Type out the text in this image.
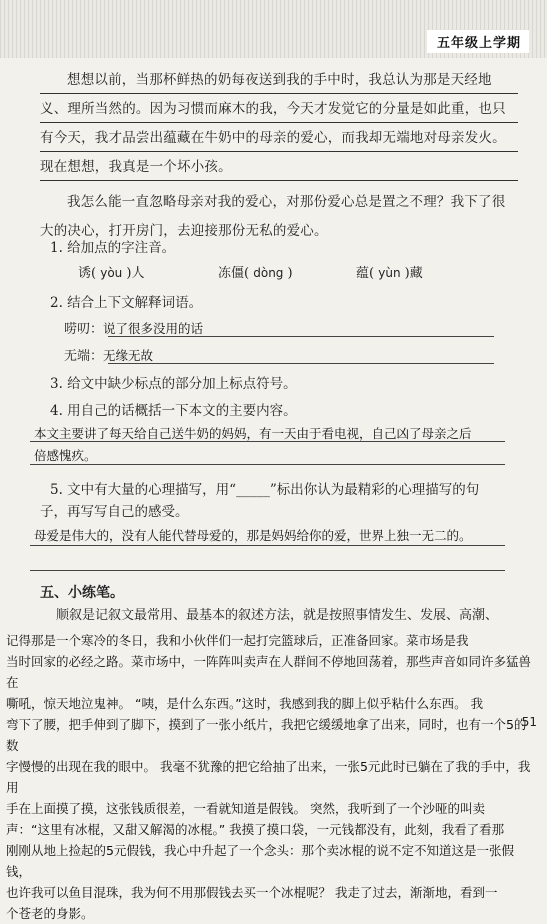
五年级上学期

想想以前，当那杯鲜热的奶每夜送到我的手中时，我总认为那是天经地义、理所当然的。因为习惯而麻木的我，今天才发觉它的分量是如此重，也只有今天，我才品尝出蕴藏在牛奶中的母亲的爱心，而我却无端地对母亲发火。现在想想，我真是一个坏小孩。

我怎么能一直忽略母亲对我的爱心，对那份爱心总是置之不理？我下了很大的决心，打开房门，去迎接那份无私的爱心。

1. 给加点的字注音。
诱( yòu )人	冻僵( dòng )	蕴( yùn )藏
2. 结合上下文解释词语。
唠叨：说了很多没用的话
无端：无缘无故
3. 给文中缺少标点的部分加上标点符号。
4. 用自己的话概括一下本文的主要内容。
本文主要讲了每天给自己送牛奶的妈妈，有一天由于看电视，自己凶了母亲之后
倍感愧疚。
5. 文中有大量的心理描写，用“_____”标出你认为最精彩的心理描写的句
子，再写写自己的感受。
母爱是伟大的，没有人能代替母爱的，那是妈妈给你的爱，世界上独一无二的。
五、小练笔。
顺叙是记叙文最常用、最基本的叙述方法，就是按照事情发生、发展、高潮、
记得那是一个寒冷的冬日，我和小伙伴们一起打完篮球后，正准备回家。菜市场是我
当时回家的必经之路。菜市场中，一阵阵叫卖声在人群间不停地回荡着，那些声音如同许多猛兽在
嘶吼，惊天地泣鬼神。 “咦，是什么东西。”这时，我感到我的脚上似乎粘什么东西。 我
弯下了腰，把手伸到了脚下，摸到了一张小纸片，我把它缓缓地拿了出来，同时，也有一个5的数
字慢慢的出现在我的眼中。 我毫不犹豫的把它给抽了出来，一张5元此时已躺在了我的手中，我用
手在上面摸了摸，这张钱质很差，一看就知道是假钱。 突然，我听到了一个沙哑的叫卖
声：“这里有冰棍，又甜又解渴的冰棍。” 我摸了摸口袋，一元钱都没有，此刻，我看了看那
刚刚从地上捡起的5元假钱，我心中升起了一个念头：那个卖冰棍的说不定不知道这是一张假钱，
也许我可以鱼目混珠，我为何不用那假钱去买一个冰棍呢？ 我走了过去，渐渐地，看到一
个苍老的身影。
51
